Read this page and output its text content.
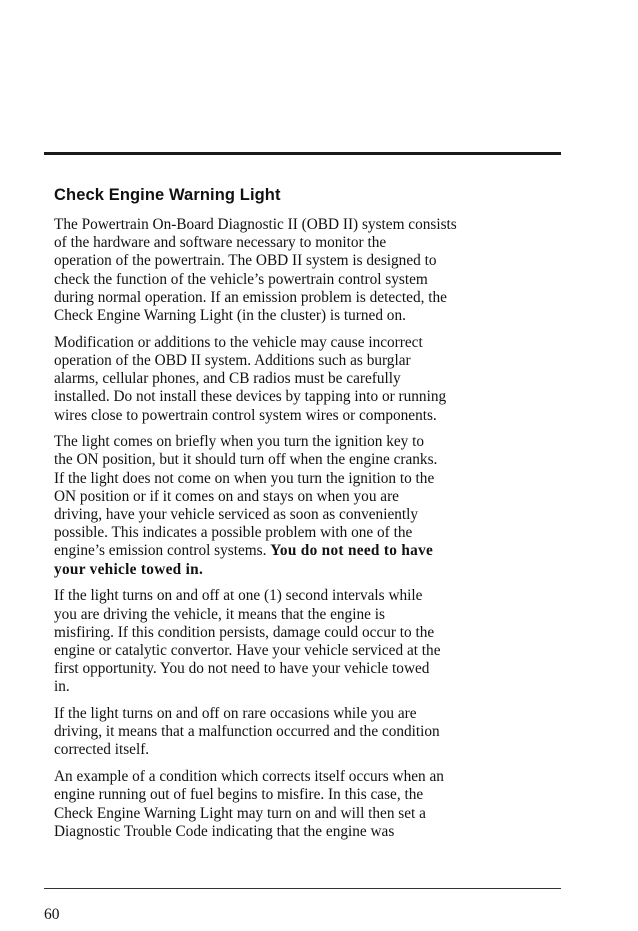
Check Engine Warning Light

The Powertrain On-Board Diagnostic II (OBD II) system consists
of the hardware and software necessary to monitor the
operation of the powertrain. The OBD II system is designed to
check the function of the vehicle’s powertrain control system
during normal operation. If an emission problem is detected, the
Check Engine Warning Light (in the cluster) is turned on.

Modification or additions to the vehicle may cause incorrect
operation of the OBD II system. Additions such as burglar
alarms, cellular phones, and CB radios must be carefully
installed. Do not install these devices by tapping into or running
wires close to powertrain control system wires or components.

The light comes on briefly when you turn the ignition key to
the ON position, but it should turn off when the engine cranks.
If the light does not come on when you turn the ignition to the
ON position or if it comes on and stays on when you are
driving, have your vehicle serviced as soon as conveniently
possible. This indicates a possible problem with one of the
engine’s emission control systems. You do not need to have
your vehicle towed in.

If the light turns on and off at one (1) second intervals while
you are driving the vehicle, it means that the engine is
misfiring. If this condition persists, damage could occur to the
engine or catalytic convertor. Have your vehicle serviced at the
first opportunity. You do not need to have your vehicle towed
in.

If the light turns on and off on rare occasions while you are
driving, it means that a malfunction occurred and the condition
corrected itself.

An example of a condition which corrects itself occurs when an
engine running out of fuel begins to misfire. In this case, the
Check Engine Warning Light may turn on and will then set a
Diagnostic Trouble Code indicating that the engine was

60
